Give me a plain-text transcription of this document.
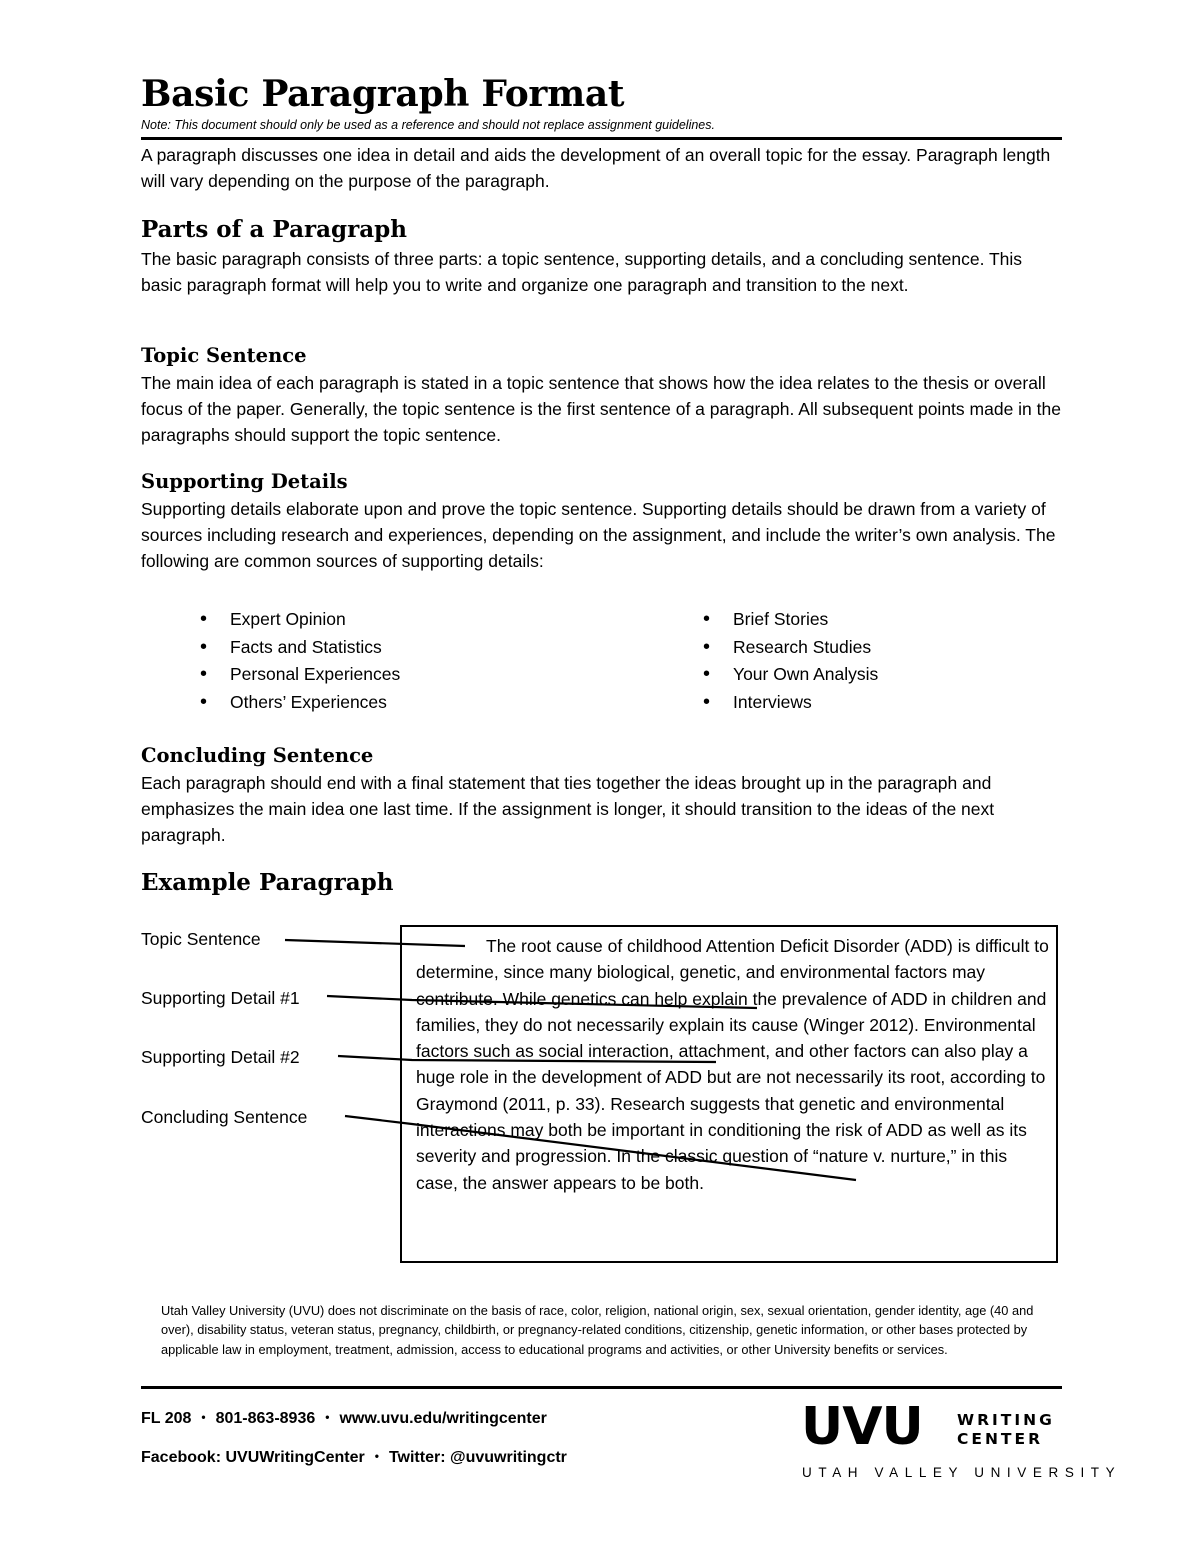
Basic Paragraph Format
Note: This document should only be used as a reference and should not replace assignment guidelines.

A paragraph discusses one idea in detail and aids the development of an overall topic for the essay. Paragraph length will vary depending on the purpose of the paragraph.

Parts of a Paragraph

The basic paragraph consists of three parts: a topic sentence, supporting details, and a concluding sentence. This basic paragraph format will help you to write and organize one paragraph and transition to the next.

Topic Sentence

The main idea of each paragraph is stated in a topic sentence that shows how the idea relates to the thesis or overall focus of the paper. Generally, the topic sentence is the first sentence of a paragraph. All subsequent points made in the paragraphs should support the topic sentence.

Supporting Details

Supporting details elaborate upon and prove the topic sentence. Supporting details should be drawn from a variety of sources including research and experiences, depending on the assignment, and include the writer’s own analysis. The following are common sources of supporting details:

• Expert Opinion
• Facts and Statistics
• Personal Experiences
• Others’ Experiences
• Brief Stories
• Research Studies
• Your Own Analysis
• Interviews
Concluding Sentence

Each paragraph should end with a final statement that ties together the ideas brought up in the paragraph and emphasizes the main idea one last time. If the assignment is longer, it should transition to the ideas of the next paragraph.

Example Paragraph
Topic Sentence
Supporting Detail #1
Supporting Detail #2
Concluding Sentence

The root cause of childhood Attention Deficit Disorder (ADD) is difficult to determine, since many biological, genetic, and environmental factors may contribute. While genetics can help explain the prevalence of ADD in children and families, they do not necessarily explain its cause (Winger 2012). Environmental factors such as social interaction, attachment, and other factors can also play a huge role in the development of ADD but are not necessarily its root, according to Graymond (2011, p. 33). Research suggests that genetic and environmental interactions may both be important in conditioning the risk of ADD as well as its severity and progression. In the classic question of “nature v. nurture,” in this case, the answer appears to be both.

Utah Valley University (UVU) does not discriminate on the basis of race, color, religion, national origin, sex, sexual orientation, gender identity, age (40 and over), disability status, veteran status, pregnancy, childbirth, or pregnancy-related conditions, citizenship, genetic information, or other bases protected by applicable law in employment, treatment, admission, access to educational programs and activities, or other University benefits or services.

FL 208 • 801-863-8936 • www.uvu.edu/writingcenter
Facebook: UVUWritingCenter • Twitter: @uvuwritingctr
UVU WRITING
CENTER
UTAH VALLEY UNIVERSITY
